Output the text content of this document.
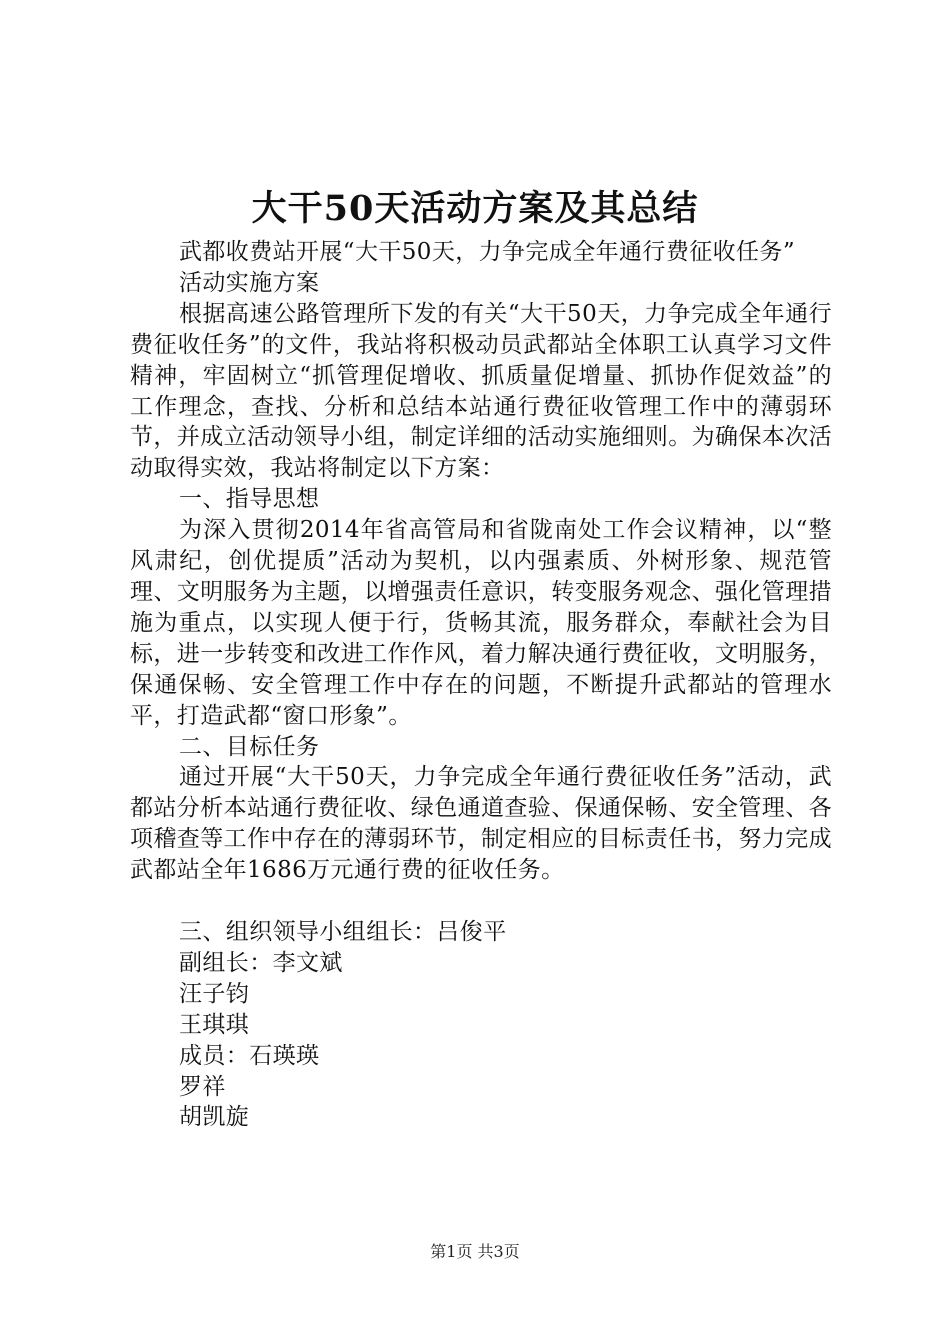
大干50天活动方案及其总结

武都收费站开展“大干50天，力争完成全年通行费征收任务”

活动实施方案

根据高速公路管理所下发的有关“大干50天，力争完成全年通行费征收任务”的文件，我站将积极动员武都站全体职工认真学习文件精神，牢固树立“抓管理促增收、抓质量促增量、抓协作促效益”的工作理念，查找、分析和总结本站通行费征收管理工作中的薄弱环节，并成立活动领导小组，制定详细的活动实施细则。为确保本次活动取得实效，我站将制定以下方案：

一、指导思想

为深入贯彻2014年省高管局和省陇南处工作会议精神，以“整风肃纪，创优提质”活动为契机，以内强素质、外树形象、规范管理、文明服务为主题，以增强责任意识，转变服务观念、强化管理措施为重点，以实现人便于行，货畅其流，服务群众，奉献社会为目标，进一步转变和改进工作作风，着力解决通行费征收，文明服务，保通保畅、安全管理工作中存在的问题，不断提升武都站的管理水平，打造武都“窗口形象”。

二、目标任务

通过开展“大干50天，力争完成全年通行费征收任务”活动，武都站分析本站通行费征收、绿色通道查验、保通保畅、安全管理、各项稽查等工作中存在的薄弱环节，制定相应的目标责任书，努力完成武都站全年1686万元通行费的征收任务。

三、组织领导小组组长：吕俊平

副组长：李文斌

汪子钧

王琪琪

成员：石瑛瑛

罗祥

胡凯旋

第1页 共3页
